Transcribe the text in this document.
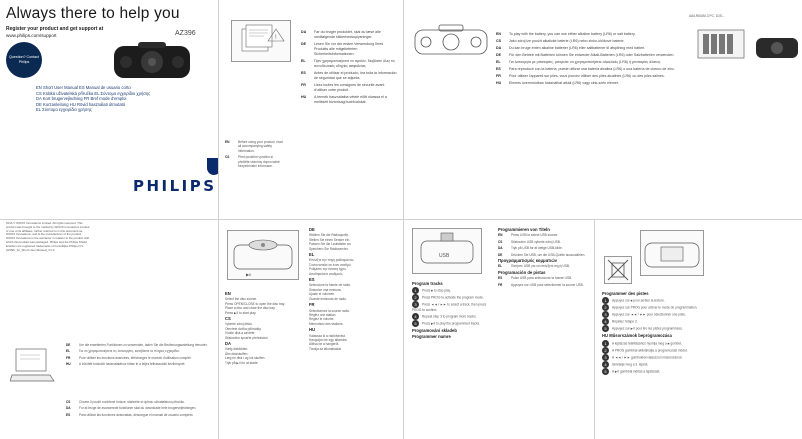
Always there to help you
Register your product and get support at
www.philips.com/support	AZ396
Question? Contact Philips
EN Short User Manual ES Manual de usuario corto
CS Krátká uživatelská příručka EL Σύντομο εγχειρίδιο χρήσης
DA Kort brugervejledning FR Bref mode d'emploi
DE Kurzanleitung HU Rövid használati útmutató
EL Σύντομο εγχειρίδιο χρήσης
PHILIPS
!
EN	Before using your product, read all accompanying safety information.
CS	Před použitím výrobku si přečtěte všechny doprovodné bezpečnostní informace.
DA	Før du bruger produktet, skal du læse alle medfølgende sikkerhedsoplysninger.
DE	Lesen Sie vor der ersten Verwendung Ihres Produkts alle mitgelieferten Sicherheitsinformationen.
EL	Πριν χρησιμοποιήσετε το προϊόν, διαβάστε όλες τις συνοδευτικές οδηγίες ασφαλείας.
ES	Antes de utilizar el producto, lea toda la información de seguridad que se adjunta.
FR	Lisez toutes les consignes de sécurité avant d'utiliser votre produit.
HU	A termék használatba vétele előtt olvassa el a mellékelt biztonsági tudnivalókat.
AA/LR6/UM-3 PC. 1DS...
EN	To play with the battery, you can use either alkaline battery (LR6) or salt battery.
CS	Jako zdroj lze použít alkalické baterie (LR6) nebo zinko-uhlíkové baterie.
DA	Du kan bruge enten alkaline batterier (LR6) eller saltbatterier til afspilning med batteri.
DE	Für den Betrieb mit Batterien können Sie entweder Alkali-Batterien (LR6) oder Salzbatterien verwenden.
EL	Για λειτουργία με μπαταρίες, μπορείτε να χρησιμοποιήσετε αλκαλικές (LR6) ή μπαταρίες άλατος.
ES	Para reproducir con la batería, puede utilizar una batería alcalina (LR6) o una batería de cloruro de zinc.
FR	Pour utiliser l'appareil sur piles, vous pouvez utiliser des piles alcalines (LR6) ou des piles salines.
HU	Elemes üzemmódban használhat alkáli (LR6) vagy cink-szén elemet.
2016 © WOOX Innovations Limited. All rights reserved. This product was brought to the market by WOOX Innovations Limited or one of its affiliates, further referred to in this document as WOOX Innovations, and is the manufacturer of the product. WOOX Innovations is the warrantor in relation to the product with which this booklet was packaged. Philips and the Philips Shield Emblem are registered trademarks of Koninklijke Philips N.V.
AZ396_12_Short User Manual_V1.0
DE	Um die erweiterten Funktionen zu verwenden, laden Sie die Bedienungsanleitung herunter.
EL	Για να χρησιμοποιήσετε τις λειτουργίες, κατεβάστε το πλήρες εγχειρίδιο.
FR	Pour utiliser les fonctions avancées, téléchargez le manuel d'utilisation complet.
HU	A bővített funkciók használatához töltse le a teljes felhasználói kézikönyvet.
CS	Chcete-li použít rozšířené funkce, stáhněte si úplnou uživatelskou příručku.
DA	For at bruge de avancerede funktioner skal du downloade hele brugervejledningen.
ES	Para utilizar las funciones avanzadas, descargue el manual de usuario completo.
▶II
EN
Select the disc source.
Press OPEN/CLOSE to open the disc tray.
Place a disc and close the disc tray.
Press ▶II to start play.
CS
Vyberte zdroj disku.
Otevřete dvířka přihrádky.
Vložte disk a zavřete.
Stisknutím spusťte přehrávání.
DA
Vælg diskkilden.
Åbn diskskuffen.
Læg en disk i og luk skuffen.
Tryk på ▶II for at starte.
DE
Wählen Sie die Radioquelle.
Stellen Sie einen Sender ein.
Passen Sie die Lautstärke an.
Speichern Sie Radiosender.
EL
Επιλέξτε την πηγή ραδιοφώνου.
Συντονιστείτε σε έναν σταθμό.
Ρυθμίστε την ένταση ήχου.
Αποθηκεύστε σταθμούς.
ES
Seleccione la fuente de radio.
Sintonice una emisora.
Ajuste el volumen.
Guarde emisoras de radio.
FR
Sélectionnez la source radio.
Réglez une station.
Réglez le volume.
Mémorisez des stations.
HU
Válassza ki a rádióforrást.
Hangoljon be egy állomást.
Állítsa be a hangerőt.
Tárolja az állomásokat.
USB
Program tracks
1 Press ■ to stop play.
2 Press PROG to activate the program mode.
3 Press ◄◄ / ►► to select a track, then press PROG to confirm.
4 Repeat step 3 to program more tracks.
5 Press ▶II to play the programmed tracks.
Programování skladeb
Programmer numre
Programmieren von Titeln
EN	Press USB to select USB source.
CS	Stisknutím USB vyberte zdroj USB.
DA	Tryk på USB for at vælge USB-kilde.
DE	Drücken Sie USB, um die USB-Quelle auszuwählen.
Προγραμματισμός κομματιών
EL	Πατήστε USB για να επιλέξετε πηγή USB.
Programación de pistas
ES	Pulse USB para seleccionar la fuente USB.
FR	Appuyez sur USB pour sélectionner la source USB.
Programmer des pistes
1 Appuyez sur ■ pour arrêter la lecture.
2 Appuyez sur PROG pour activer le mode de programmation.
3 Appuyez sur ◄◄ / ►► pour sélectionner une piste.
4 Répétez l'étape 3.
5 Appuyez sur ▶II pour lire les pistes programmées.
HU Műsorszámok beprogramozása
1 A lejátszás leállításához nyomja meg a ■ gombot.
2 A PROG gombbal aktiválhatja a programozási módot.
3 A ◄◄ / ►► gombokkal válasszon műsorszámot.
4 Ismételje meg a 3. lépést.
5 A ▶II gombbal indítsa a lejátszást.
